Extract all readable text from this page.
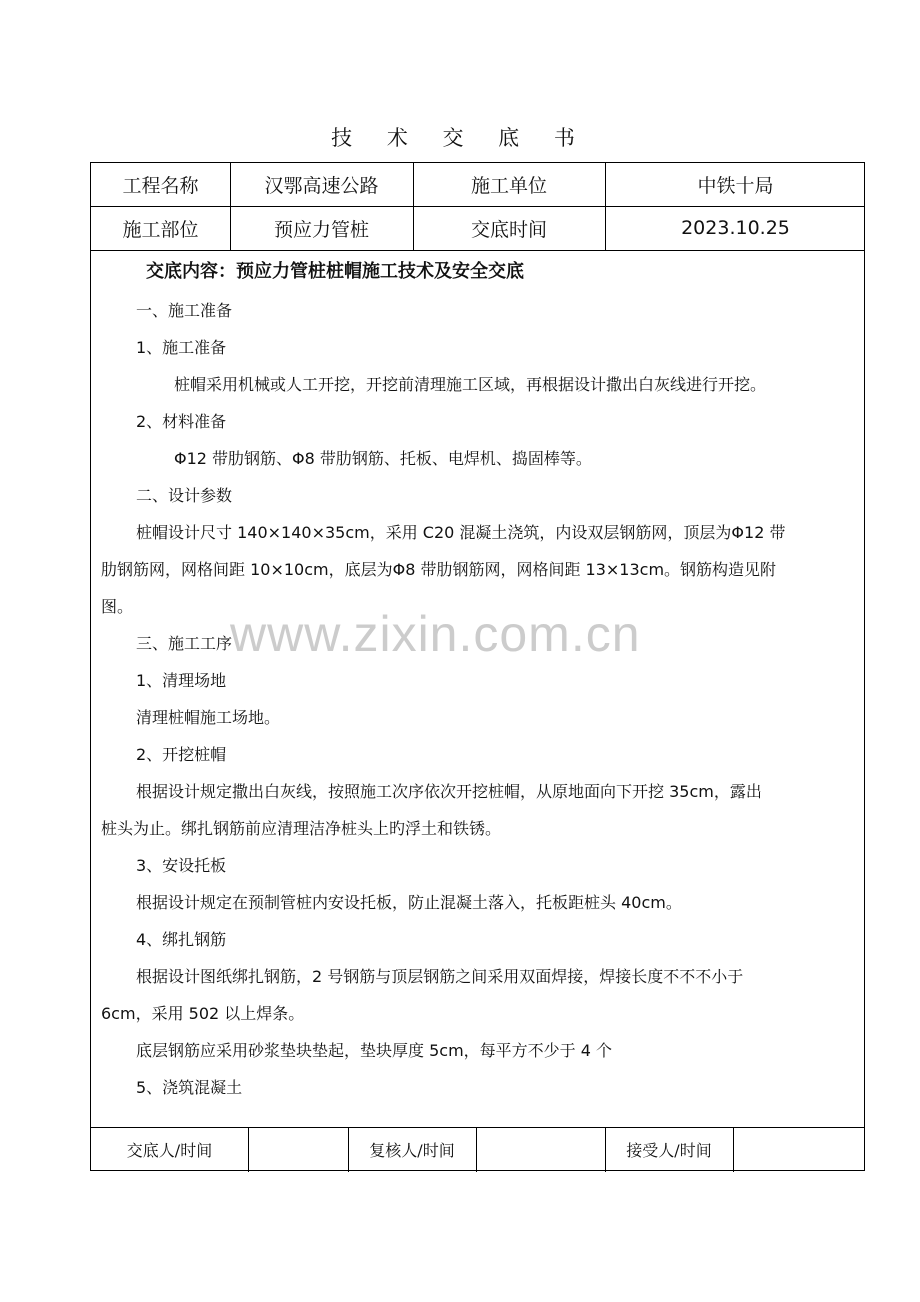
技 术 交 底 书
工程名称	汉鄂高速公路	施工单位	中铁十局
施工部位	预应力管桩	交底时间	2023.10.25

交底内容：预应力管桩桩帽施工技术及安全交底

一、施工准备

1、施工准备

桩帽采用机械或人工开挖，开挖前清理施工区域，再根据设计撒出白灰线进行开挖。

2、材料准备

Φ12 带肋钢筋、Φ8 带肋钢筋、托板、电焊机、捣固棒等。

二、设计参数

桩帽设计尺寸 140×140×35cm，采用 C20 混凝土浇筑，内设双层钢筋网，顶层为Φ12 带

肋钢筋网，网格间距 10×10cm，底层为Φ8 带肋钢筋网，网格间距 13×13cm。钢筋构造见附

图。

三、施工工序

1、清理场地

清理桩帽施工场地。

2、开挖桩帽

根据设计规定撒出白灰线，按照施工次序依次开挖桩帽，从原地面向下开挖 35cm，露出

桩头为止。绑扎钢筋前应清理洁净桩头上旳浮土和铁锈。

3、安设托板

根据设计规定在预制管桩内安设托板，防止混凝土落入，托板距桩头 40cm。

4、绑扎钢筋

根据设计图纸绑扎钢筋，2 号钢筋与顶层钢筋之间采用双面焊接，焊接长度不不不小于

6cm，采用 502 以上焊条。

底层钢筋应采用砂浆垫块垫起，垫块厚度 5cm，每平方不少于 4 个

5、浇筑混凝土

交底人/时间	复核人/时间	接受人/时间
www.zixin.com.cn
